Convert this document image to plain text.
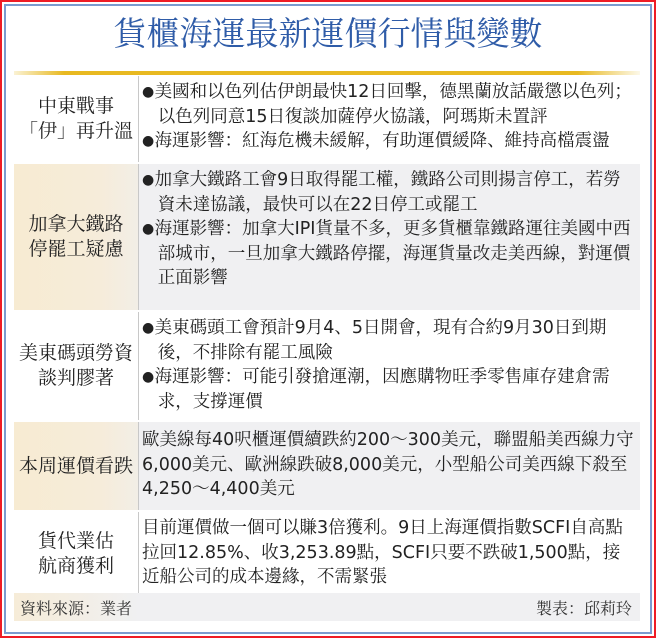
貨櫃海運最新運價行情與變數
中東戰事
「伊」再升溫
●美國和以色列估伊朗最快12日回擊，德黑蘭放話嚴懲以色列；以色列同意15日復談加薩停火協議，阿瑪斯未置評
●海運影響：紅海危機未緩解，有助運價緩降、維持高檔震盪
加拿大鐵路
停罷工疑慮
●加拿大鐵路工會9日取得罷工權，鐵路公司則揚言停工，若勞資未達協議，最快可以在22日停工或罷工
●海運影響：加拿大IPI貨量不多，更多貨櫃靠鐵路運往美國中西部城市，一旦加拿大鐵路停擺，海運貨量改走美西線，對運價正面影響
美東碼頭勞資
談判膠著
●美東碼頭工會預計9月4、5日開會，現有合約9月30日到期後，不排除有罷工風險
●海運影響：可能引發搶運潮，因應購物旺季零售庫存建倉需求，支撐運價
本周運價看跌
歐美線每40呎櫃運價續跌約200～300美元，聯盟船美西線力守6,000美元、歐洲線跌破8,000美元，小型船公司美西線下殺至4,250～4,400美元
貨代業估
航商獲利
目前運價做一個可以賺3倍獲利。9日上海運價指數SCFI自高點拉回12.85%、收3,253.89點，SCFI只要不跌破1,500點，接近船公司的成本邊緣，不需緊張
資料來源：業者	製表：邱莉玲
